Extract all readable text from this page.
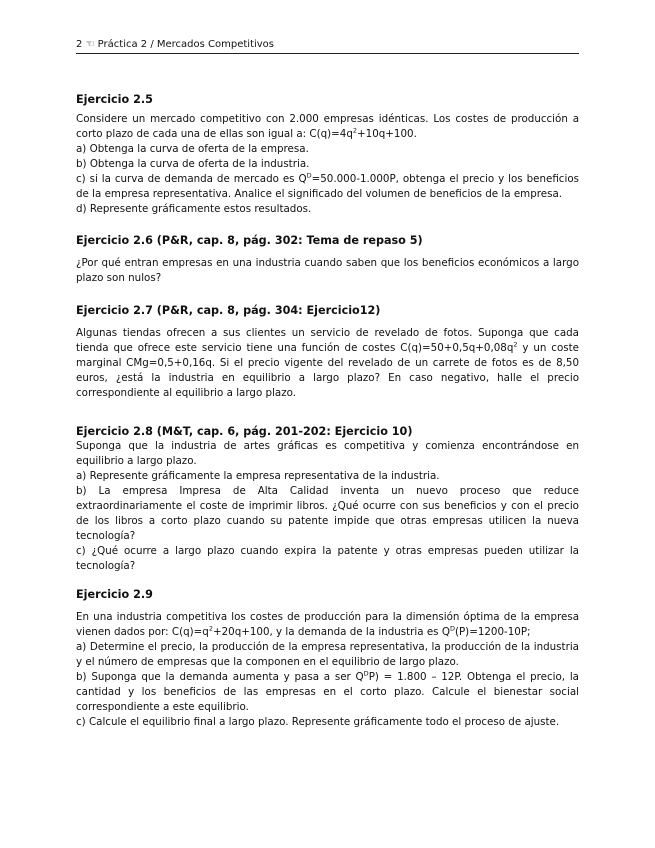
2 ☜ Práctica 2 / Mercados Competitivos
Ejercicio 2.5

Considere un mercado competitivo con 2.000 empresas idénticas. Los costes de producción a corto plazo de cada una de ellas son igual a: $C(q)=4q^2+10q+100$.

a) Obtenga la curva de oferta de la empresa.

b) Obtenga la curva de oferta de la industria.

c) si la curva de demanda de mercado es $Q^D=50.000-1.000P$, obtenga el precio y los beneficios de la empresa representativa. Analice el significado del volumen de beneficios de la empresa.

d) Represente gráficamente estos resultados.

Ejercicio 2.6 (P&R, cap. 8, pág. 302: Tema de repaso 5)

¿Por qué entran empresas en una industria cuando saben que los beneficios económicos a largo plazo son nulos?

Ejercicio 2.7 (P&R, cap. 8, pág. 304: Ejercicio12)

Algunas tiendas ofrecen a sus clientes un servicio de revelado de fotos. Suponga que cada tienda que ofrece este servicio tiene una función de costes $C(q)=50+0,5q+0,08q^2$ y un coste marginal CMg=0,5+0,16q. Si el precio vigente del revelado de un carrete de fotos es de 8,50 euros, ¿está la industria en equilibrio a largo plazo? En caso negativo, halle el precio correspondiente al equilibrio a largo plazo.

Ejercicio 2.8 (M&T, cap. 6, pág. 201-202: Ejercicio 10)

Suponga que la industria de artes gráficas es competitiva y comienza encontrándose en equilibrio a largo plazo.

a) Represente gráficamente la empresa representativa de la industria.

b) La empresa Impresa de Alta Calidad inventa un nuevo proceso que reduce extraordinariamente el coste de imprimir libros. ¿Qué ocurre con sus beneficios y con el precio de los libros a corto plazo cuando su patente impide que otras empresas utilicen la nueva tecnología?

c) ¿Qué ocurre a largo plazo cuando expira la patente y otras empresas pueden utilizar la tecnología?

Ejercicio 2.9

En una industria competitiva los costes de producción para la dimensión óptima de la empresa vienen dados por: $C(q)=q^2+20q+100$, y la demanda de la industria es $Q^D(P)=1200-10P$;

a) Determine el precio, la producción de la empresa representativa, la producción de la industria y el número de empresas que la componen en el equilibrio de largo plazo.

b) Suponga que la demanda aumenta y pasa a ser $Q^DP) = 1.800 - 12P$. Obtenga el precio, la cantidad y los beneficios de las empresas en el corto plazo. Calcule el bienestar social correspondiente a este equilibrio.

c) Calcule el equilibrio final a largo plazo. Represente gráficamente todo el proceso de ajuste.
